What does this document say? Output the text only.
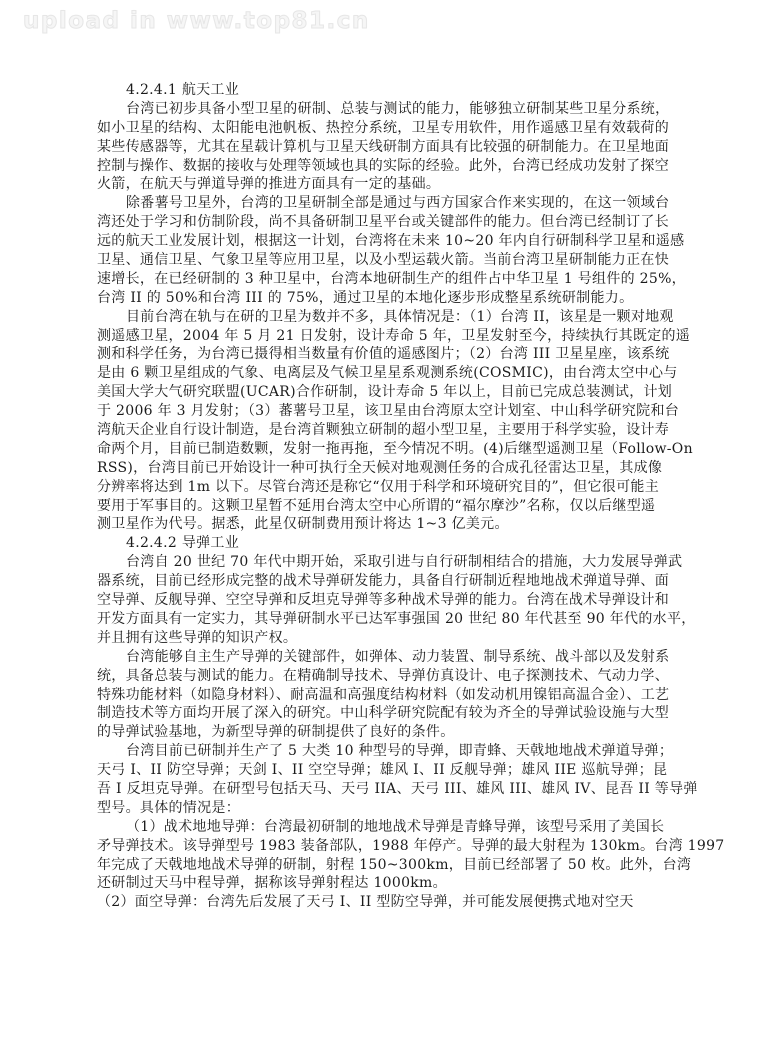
upload in www.top81.cn
4.2.4.1 航天工业
台湾已初步具备小型卫星的研制、总装与测试的能力，能够独立研制某些卫星分系统，
如小卫星的结构、太阳能电池帆板、热控分系统，卫星专用软件，用作遥感卫星有效载荷的
某些传感器等，尤其在星载计算机与卫星天线研制方面具有比较强的研制能力。在卫星地面
控制与操作、数据的接收与处理等领域也具的实际的经验。此外，台湾已经成功发射了探空
火箭，在航天与弹道导弹的推进方面具有一定的基础。
除番薯号卫星外，台湾的卫星研制全部是通过与西方国家合作来实现的，在这一领域台
湾还处于学习和仿制阶段，尚不具备研制卫星平台或关键部件的能力。但台湾已经制订了长
远的航天工业发展计划，根据这一计划，台湾将在未来 10~20 年内自行研制科学卫星和遥感
卫星、通信卫星、气象卫星等应用卫星，以及小型运载火箭。当前台湾卫星研制能力正在快
速增长，在已经研制的 3 种卫星中，台湾本地研制生产的组件占中华卫星 1 号组件的 25%，
台湾 II 的 50%和台湾 III 的 75%，通过卫星的本地化逐步形成整星系统研制能力。
目前台湾在轨与在研的卫星为数并不多，具体情况是：（1）台湾 II，该星是一颗对地观
测遥感卫星，2004 年 5 月 21 日发射，设计寿命 5 年，卫星发射至今，持续执行其既定的遥
测和科学任务，为台湾已摄得相当数量有价值的遥感图片；（2）台湾 III 卫星星座，该系统
是由 6 颗卫星组成的气象、电离层及气候卫星星系观测系统(COSMIC)，由台湾太空中心与
美国大学大气研究联盟(UCAR)合作研制，设计寿命 5 年以上，目前已完成总装测试，计划
于 2006 年 3 月发射；（3）蕃薯号卫星，该卫星由台湾原太空计划室、中山科学研究院和台
湾航天企业自行设计制造，是台湾首颗独立研制的超小型卫星，主要用于科学实验，设计寿
命两个月，目前已制造数颗，发射一拖再拖，至今情况不明。(4)后继型遥测卫星（Follow-On
RSS)，台湾目前已开始设计一种可执行全天候对地观测任务的合成孔径雷达卫星，其成像
分辨率将达到 1m 以下。尽管台湾还是称它“仅用于科学和环境研究目的”，但它很可能主
要用于军事目的。这颗卫星暂不延用台湾太空中心所谓的“福尔摩沙”名称，仅以后继型遥
测卫星作为代号。据悉，此星仅研制费用预计将达 1~3 亿美元。
4.2.4.2 导弹工业
台湾自 20 世纪 70 年代中期开始，采取引进与自行研制相结合的措施，大力发展导弹武
器系统，目前已经形成完整的战术导弹研发能力，具备自行研制近程地地战术弹道导弹、面
空导弹、反舰导弹、空空导弹和反坦克导弹等多种战术导弹的能力。台湾在战术导弹设计和
开发方面具有一定实力，其导弹研制水平已达军事强国 20 世纪 80 年代甚至 90 年代的水平，
并且拥有这些导弹的知识产权。
台湾能够自主生产导弹的关键部件，如弹体、动力装置、制导系统、战斗部以及发射系
统，具备总装与测试的能力。在精确制导技术、导弹仿真设计、电子探测技术、气动力学、
特殊功能材料（如隐身材料）、耐高温和高强度结构材料（如发动机用镍铝高温合金）、工艺
制造技术等方面均开展了深入的研究。中山科学研究院配有较为齐全的导弹试验设施与大型
的导弹试验基地，为新型导弹的研制提供了良好的条件。
台湾目前已研制并生产了 5 大类 10 种型号的导弹，即青蜂、天戟地地战术弹道导弹；
天弓 I、II 防空导弹；天剑 I、II 空空导弹；雄风 I、II 反舰导弹；雄风 IIE 巡航导弹；昆
吾 I 反坦克导弹。在研型号包括天马、天弓 IIA、天弓 III、雄风 III、雄风 IV、昆吾 II 等导弹
型号。具体的情况是：
（1）战术地地导弹：台湾最初研制的地地战术导弹是青蜂导弹，该型号采用了美国长
矛导弹技术。该导弹型号 1983 装备部队，1988 年停产。导弹的最大射程为 130km。台湾 1997
年完成了天戟地地战术导弹的研制，射程 150~300km，目前已经部署了 50 枚。此外，台湾
还研制过天马中程导弹，据称该导弹射程达 1000km。
（2）面空导弹：台湾先后发展了天弓 I、II 型防空导弹，并可能发展便携式地对空天
